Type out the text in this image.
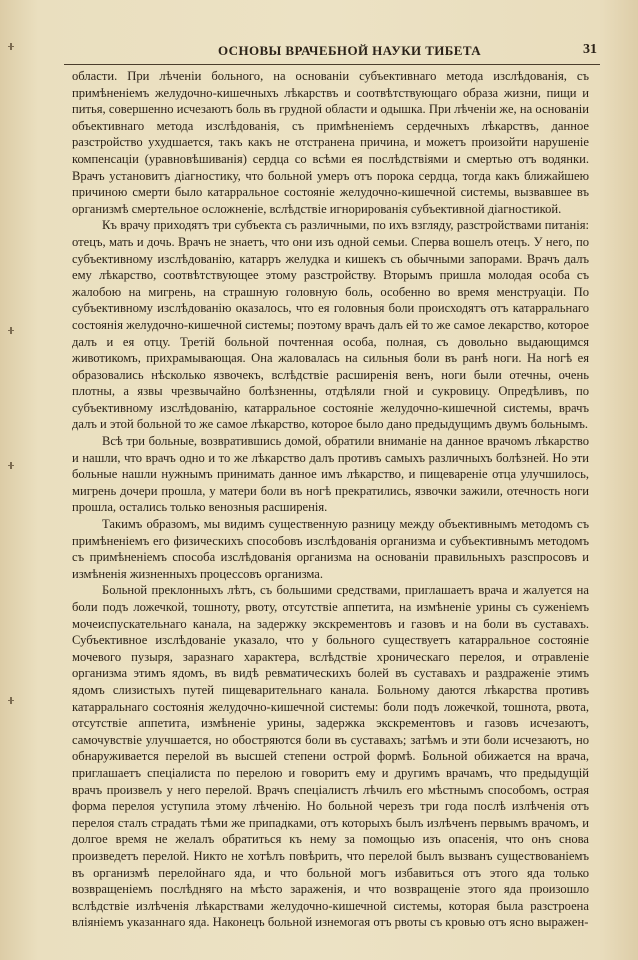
ОСНОВЫ ВРАЧЕБНОЙ НАУКИ ТИБЕТА	31

области. При лѣченіи больного, на основаніи субъективнаго метода изслѣдованія, съ примѣненіемъ желудочно-кишечныхъ лѣкарствъ и соотвѣтствующаго образа жизни, пищи и питья, совершенно исчезаютъ боль въ грудной области и одышка. При лѣченіи же, на основаніи объективнаго метода изслѣдованія, съ примѣненіемъ сердечныхъ лѣкарствъ, данное разстройство ухудшается, такъ какъ не отстранена причина, и можетъ произойти нарушеніе компенсаціи (уравновѣшиванія) сердца со всѣми ея послѣдствіями и смертью отъ водянки. Врачъ установитъ діагностику, что больной умеръ отъ порока сердца, тогда какъ ближайшею причиною смерти было катарральное состояніе желудочно-кишечной системы, вызвавшее въ организмѣ смертельное осложненіе, вслѣдствіе игнорированія субъективной діагностикой.

Къ врачу приходятъ три субъекта съ различными, по ихъ взгляду, разстройствами питанія: отецъ, мать и дочь. Врачъ не знаетъ, что они изъ одной семьи. Сперва вошелъ отецъ. У него, по субъективному изслѣдованію, катарръ желудка и кишекъ съ обычными запорами. Врачъ далъ ему лѣкарство, соотвѣтствующее этому разстройству. Вторымъ пришла молодая особа съ жалобою на мигрень, на страшную головную боль, особенно во время менструаціи. По субъективному изслѣдованію оказалось, что ея головныя боли происходятъ отъ катарральнаго состоянія желудочно-кишечной системы; поэтому врачъ далъ ей то же самое лекарство, которое далъ и ея отцу. Третій больной почтенная особа, полная, съ довольно выдающимся животикомъ, прихрамывающая. Она жаловалась на сильныя боли въ ранѣ ноги. На ногѣ ея образовались нѣсколько язвочекъ, вслѣдствіе расширенія венъ, ноги были отечны, очень плотны, а язвы чрезвычайно болѣзненны, отдѣляли гной и сукровицу. Опредѣливъ, по субъективному изслѣдованію, катарральное состояніе желудочно-кишечной системы, врачъ далъ и этой больной то же самое лѣкарство, которое было дано предыдущимъ двумъ больнымъ.

Всѣ три больные, возвратившись домой, обратили вниманіе на данное врачомъ лѣкарство и нашли, что врачъ одно и то же лѣкарство далъ противъ самыхъ различныхъ болѣзней. Но эти больные нашли нужнымъ принимать данное имъ лѣкарство, и пищевареніе отца улучшилось, мигрень дочери прошла, у матери боли въ ногѣ прекратились, язвочки зажили, отечность ноги прошла, остались только венозныя расширенія.

Такимъ образомъ, мы видимъ существенную разницу между объективнымъ методомъ съ примѣненіемъ его физическихъ способовъ изслѣдованія организма и субъективнымъ методомъ съ примѣненіемъ способа изслѣдованія организма на основаніи правильныхъ разспросовъ и измѣненія жизненныхъ процессовъ организма.

Больной преклонныхъ лѣтъ, съ большими средствами, приглашаетъ врача и жалуется на боли подъ ложечкой, тошноту, рвоту, отсутствіе аппетита, на измѣненіе урины съ суженіемъ мочеиспускательнаго канала, на задержку экскрементовъ и газовъ и на боли въ суставахъ. Субъективное изслѣдованіе указало, что у больного существуетъ катарральное состояніе мочевого пузыря, заразнаго характера, вслѣдствіе хроническаго перелоя, и отравленіе организма этимъ ядомъ, въ видѣ ревматическихъ болей въ суставахъ и раздраженіе этимъ ядомъ слизистыхъ путей пищеварительнаго канала. Больному даются лѣкарства противъ катарральнаго состоянія желудочно-кишечной системы: боли подъ ложечкой, тошнота, рвота, отсутствіе аппетита, измѣненіе урины, задержка экскрементовъ и газовъ исчезаютъ, самочувствіе улучшается, но обостряются боли въ суставахъ; затѣмъ и эти боли исчезаютъ, но обнаруживается перелой въ высшей степени острой формѣ. Больной обижается на врача, приглашаетъ спеціалиста по перелою и говоритъ ему и другимъ врачамъ, что предыдущій врачъ произвелъ у него перелой. Врачъ спеціалистъ лѣчилъ его мѣстнымъ способомъ, острая форма перелоя уступила этому лѣченію. Но больной черезъ три года послѣ излѣченія отъ перелоя сталъ страдать тѣми же припадками, отъ которыхъ былъ излѣченъ первымъ врачомъ, и долгое время не желалъ обратиться къ нему за помощью изъ опасенія, что онъ снова произведетъ перелой. Никто не хотѣлъ повѣрить, что перелой былъ вызванъ существованіемъ въ организмѣ перелойнаго яда, и что больной могъ избавиться отъ этого яда только возвращеніемъ послѣдняго на мѣсто зараженія, и что возвращеніе этого яда произошло вслѣдствіе излѣченія лѣкарствами желудочно-кишечной системы, которая была разстроена вліяніемъ указаннаго яда. Наконецъ больной изнемогая отъ рвоты съ кровью отъ ясно выражен-
